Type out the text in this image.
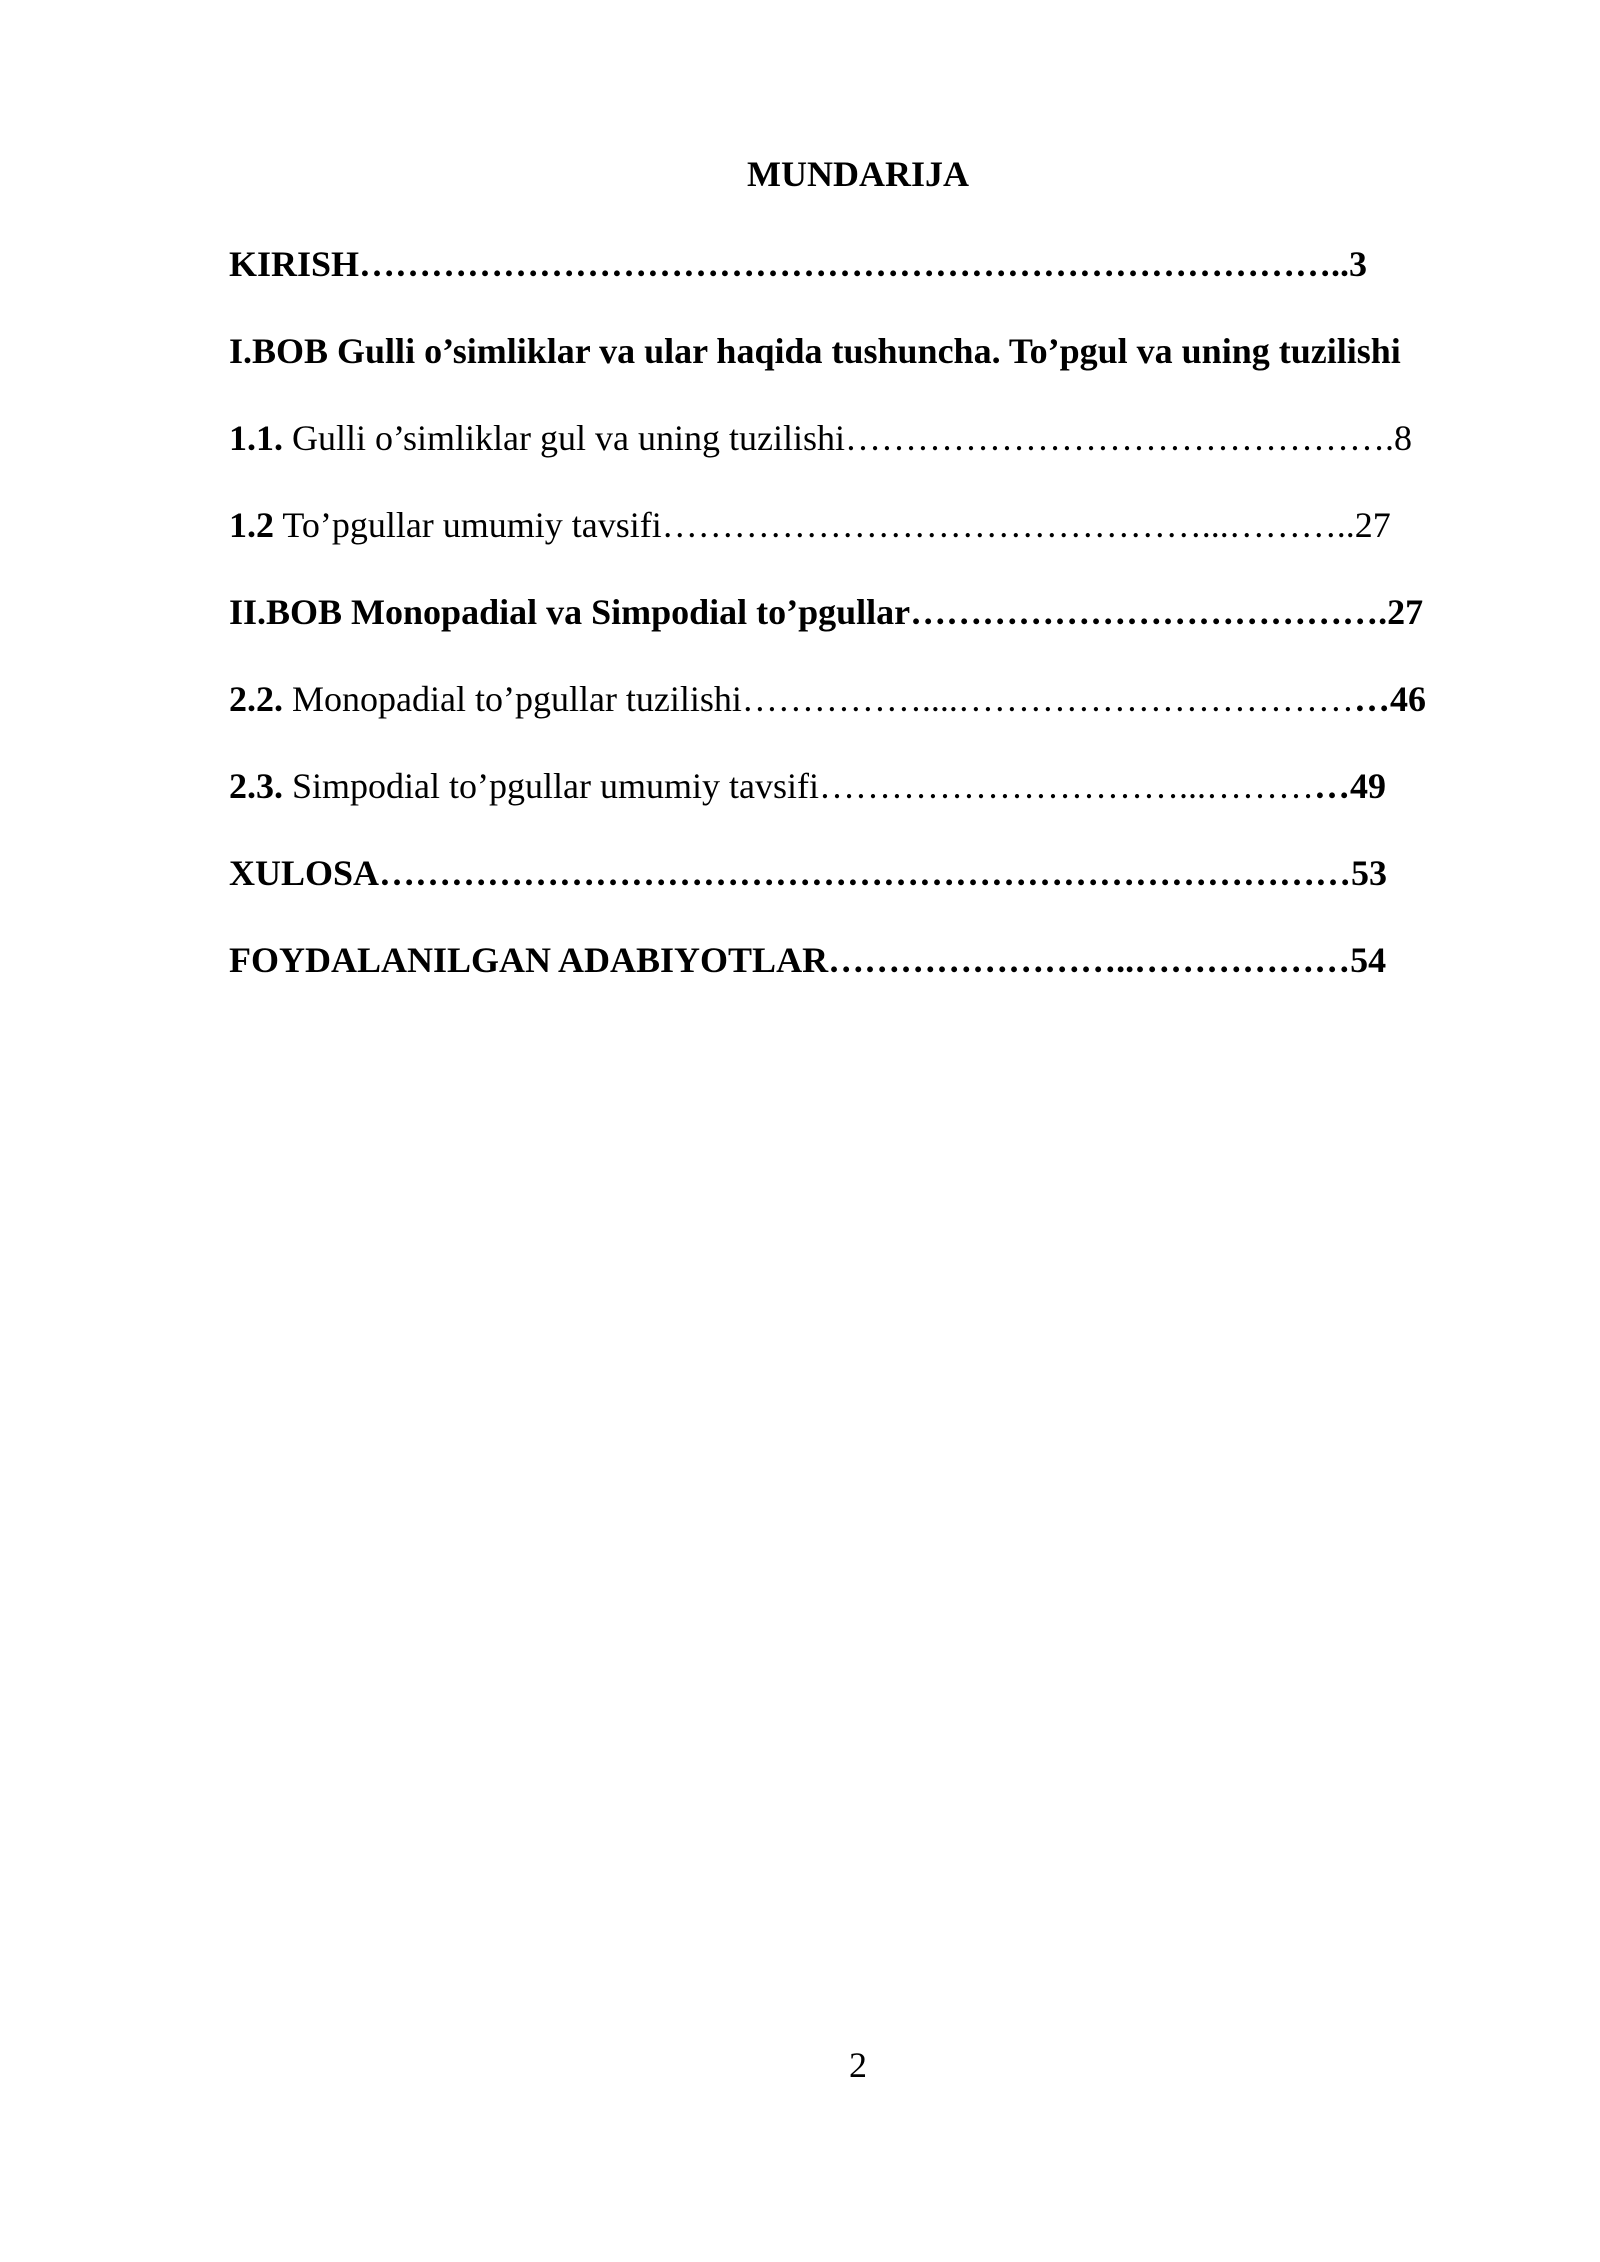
MUNDARIJA
KIRISH………………………………………………………………………..3
I.BOB Gulli o’simliklar va ular haqida tushuncha. To’pgul va uning tuzilishi
1.1. Gulli o’simliklar gul va uning tuzilishi……………………………………….8
1.2 To’pgullar umumiy tavsifi………………………………………...………..27
II.BOB Monopadial va Simpodial to’pgullar………………………………….27
2.2. Monopadial to’pgullar tuzilishi……………....………………………………46
2.3. Simpodial to’pgullar umumiy tavsifi…………………………...…………49
XULOSA………………………………………………………………………53
FOYDALANILGAN ADABIYOTLAR……………………..………………54
2
